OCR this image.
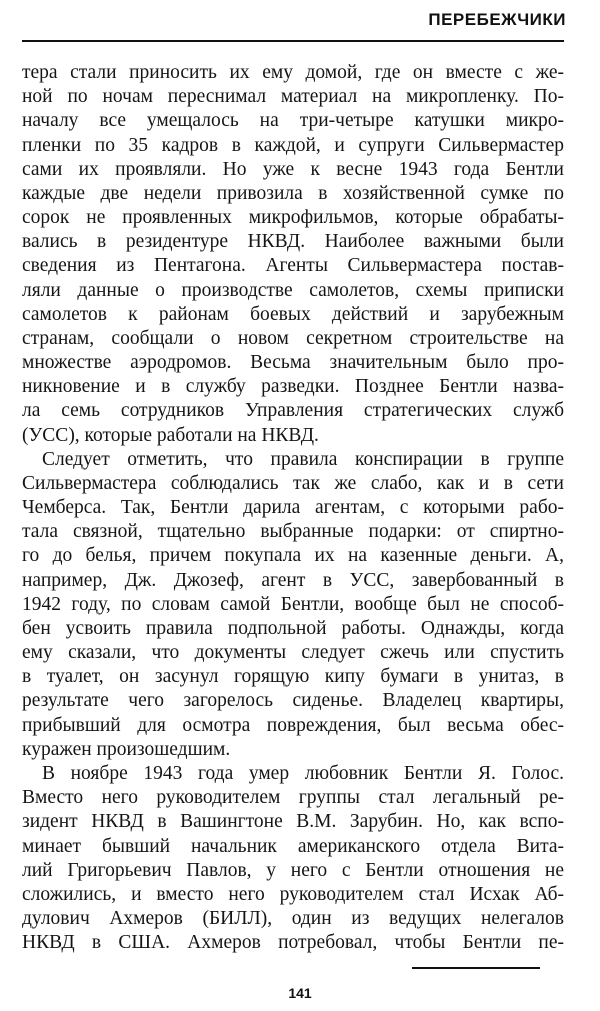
ПЕРЕБЕЖЧИКИ
тера стали приносить их ему домой, где он вместе с же-
ной по ночам переснимал материал на микропленку. По-
началу все умещалось на три-четыре катушки микро-
пленки по 35 кадров в каждой, и супруги Сильвермастер
сами их проявляли. Но уже к весне 1943 года Бентли
каждые две недели привозила в хозяйственной сумке по
сорок не проявленных микрофильмов, которые обрабаты-
вались в резидентуре НКВД. Наиболее важными были
сведения из Пентагона. Агенты Сильвермастера постав-
ляли данные о производстве самолетов, схемы приписки
самолетов к районам боевых действий и зарубежным
странам, сообщали о новом секретном строительстве на
множестве аэродромов. Весьма значительным было про-
никновение и в службу разведки. Позднее Бентли назва-
ла семь сотрудников Управления стратегических служб
(УСС), которые работали на НКВД.
Следует отметить, что правила конспирации в группе
Сильвермастера соблюдались так же слабо, как и в сети
Чемберса. Так, Бентли дарила агентам, с которыми рабо-
тала связной, тщательно выбранные подарки: от спиртно-
го до белья, причем покупала их на казенные деньги. А,
например, Дж. Джозеф, агент в УСС, завербованный в
1942 году, по словам самой Бентли, вообще был не способ-
бен усвоить правила подпольной работы. Однажды, когда
ему сказали, что документы следует сжечь или спустить
в туалет, он засунул горящую кипу бумаги в унитаз, в
результате чего загорелось сиденье. Владелец квартиры,
прибывший для осмотра повреждения, был весьма обес-
куражен произошедшим.
В ноябре 1943 года умер любовник Бентли Я. Голос.
Вместо него руководителем группы стал легальный ре-
зидент НКВД в Вашингтоне В.М. Зарубин. Но, как вспо-
минает бывший начальник американского отдела Вита-
лий Григорьевич Павлов, у него с Бентли отношения не
сложились, и вместо него руководителем стал Исхак Аб-
дулович Ахмеров (БИЛЛ), один из ведущих нелегалов
НКВД в США. Ахмеров потребовал, чтобы Бентли пе-
141
